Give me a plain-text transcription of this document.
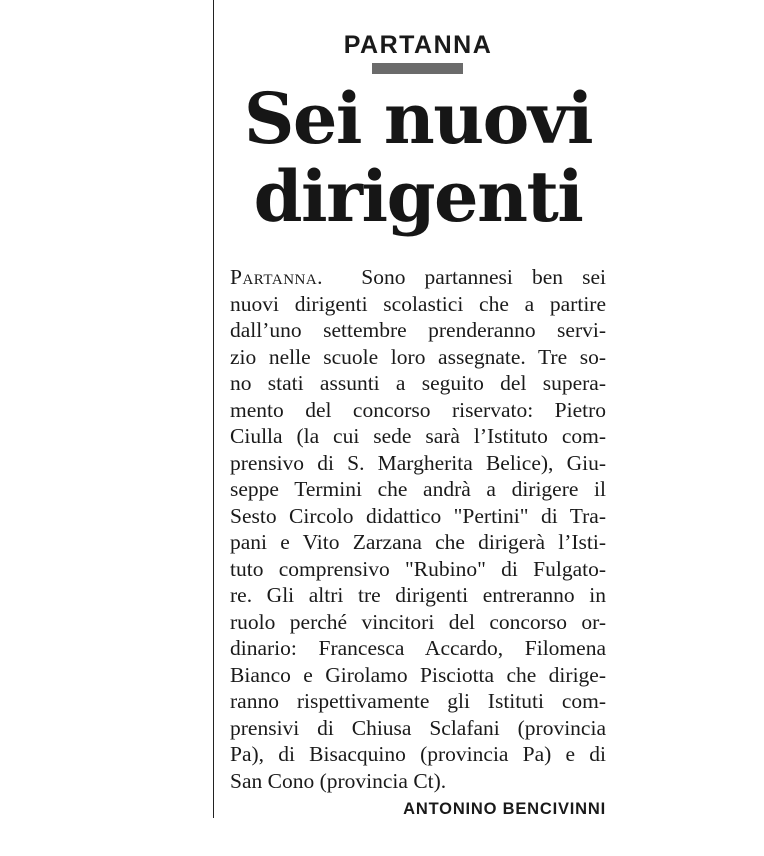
PARTANNA
Sei nuovi
dirigenti
Partanna. Sono partannesi ben sei
nuovi dirigenti scolastici che a partire
dall’uno settembre prenderanno servi-
zio nelle scuole loro assegnate. Tre so-
no stati assunti a seguito del supera-
mento del concorso riservato: Pietro
Ciulla (la cui sede sarà l’Istituto com-
prensivo di S. Margherita Belice), Giu-
seppe Termini che andrà a dirigere il
Sesto Circolo didattico "Pertini" di Tra-
pani e Vito Zarzana che dirigerà l’Isti-
tuto comprensivo "Rubino" di Fulgato-
re. Gli altri tre dirigenti entreranno in
ruolo perché vincitori del concorso or-
dinario: Francesca Accardo, Filomena
Bianco e Girolamo Pisciotta che dirige-
ranno rispettivamente gli Istituti com-
prensivi di Chiusa Sclafani (provincia
Pa), di Bisacquino (provincia Pa) e di
San Cono (provincia Ct).
ANTONINO BENCIVINNI
